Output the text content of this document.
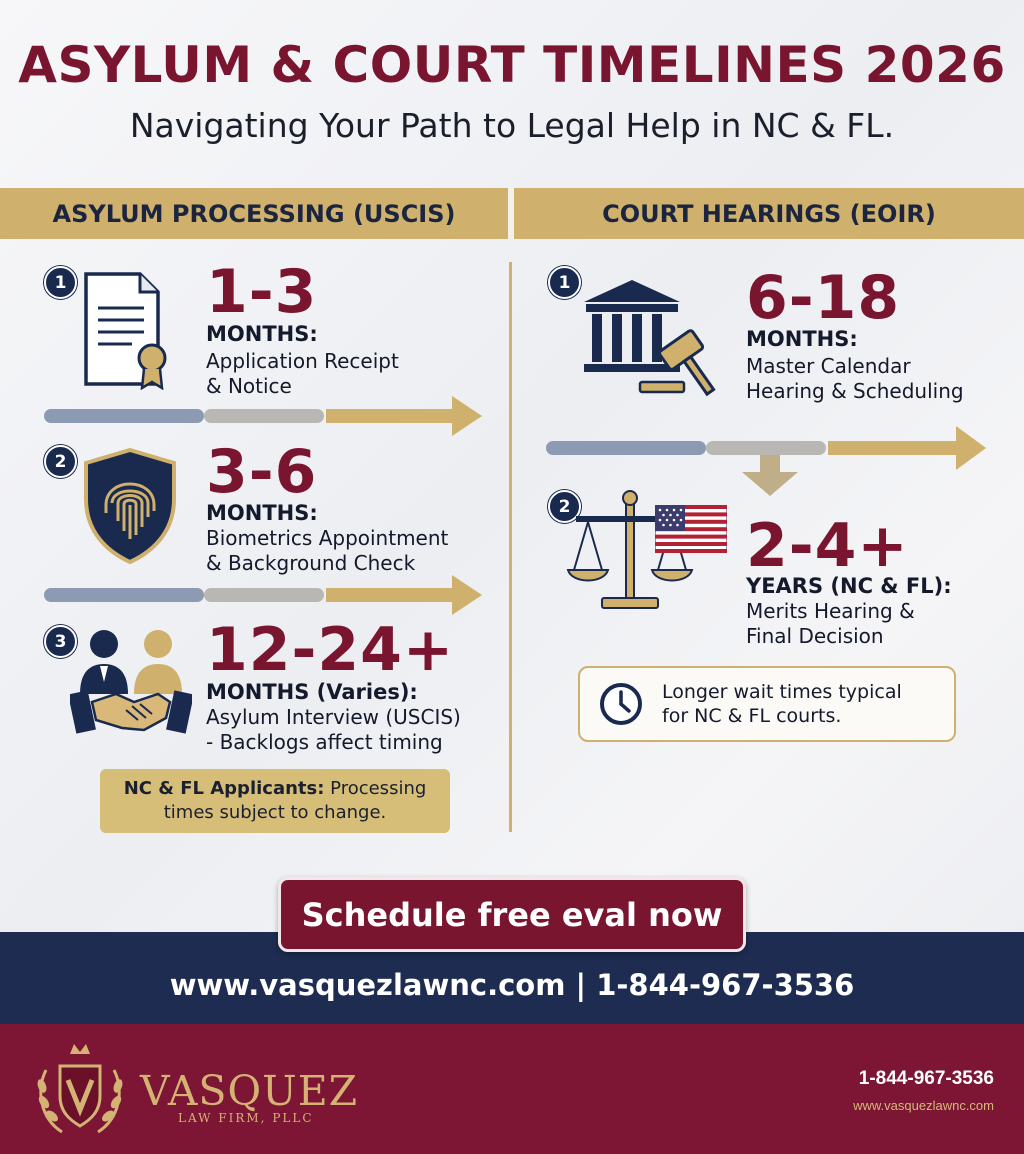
ASYLUM & COURT TIMELINES 2026
Navigating Your Path to Legal Help in NC & FL.
ASYLUM PROCESSING (USCIS)	COURT HEARINGS (EOIR)
1 1-3
MONTHS:
Application Receipt
& Notice
2 3-6
MONTHS:
Biometrics Appointment
& Background Check
3 12-24+
MONTHS (Varies):
Asylum Interview (USCIS)
- Backlogs affect timing
NC & FL Applicants: Processing
times subject to change.
1	6-18
MONTHS:
Master Calendar
Hearing & Scheduling
2
2-4+
YEARS (NC & FL):
Merits Hearing &
Final Decision
Longer wait times typical
for NC & FL courts.
Schedule free eval now
www.vasquezlawnc.com | 1-844-967-3536
VASQUEZ
LAW FIRM, PLLC
1-844-967-3536
www.vasquezlawnc.com
